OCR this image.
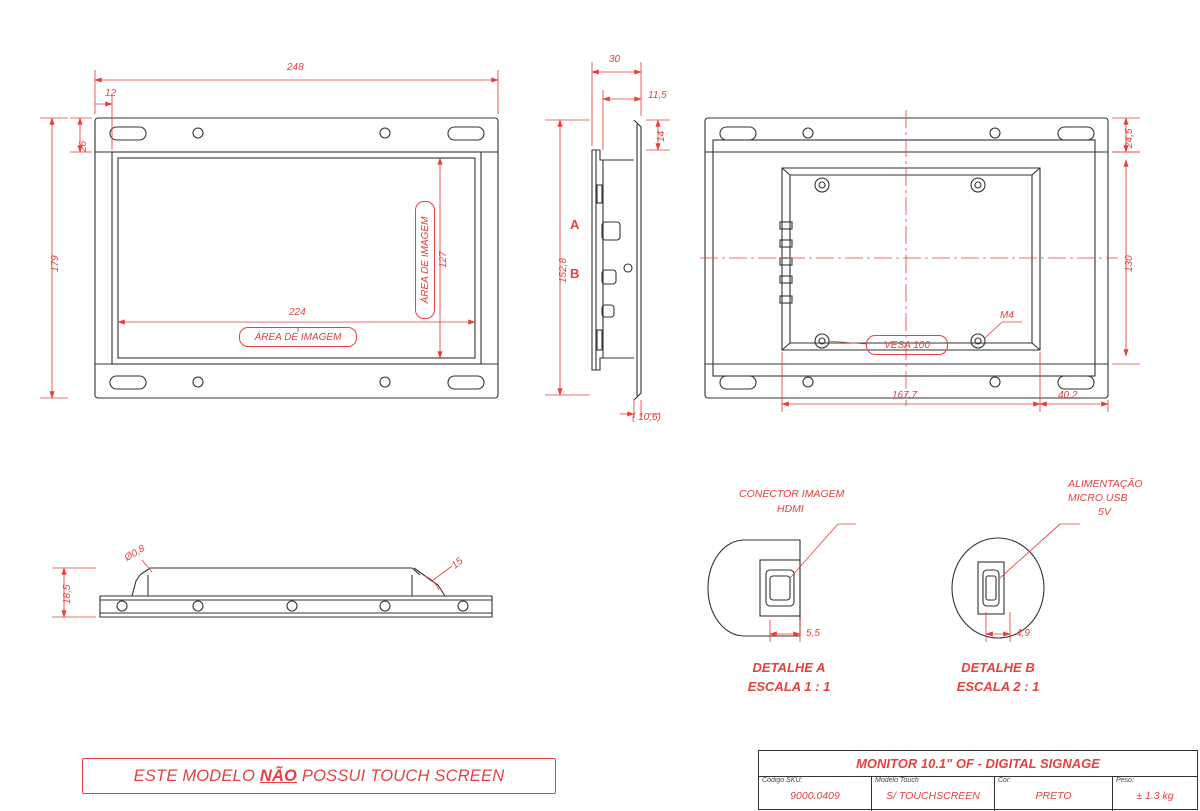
248
12
26
179
224
127
ÁREA DE IMAGEM
ÁREA DE IMAGEM
30
11,5
14
152,8
( 10,6)
A
B
24,5
130
167,7	40,2
M4
VESA 100
18,5
Ø0,8	15
CONECTOR IMAGEM
HDMI
5,5
DETALHE A
ESCALA 1 : 1
ALIMENTAÇÃO
MICRO USB
5V
4,9
DETALHE B
ESCALA 2 : 1
ESTE MODELO NÃO POSSUI TOUCH SCREEN
MONITOR 10.1" OF - DIGITAL SIGNAGE
Código SKU:
9000.0409
Modelo Touch
S/ TOUCHSCREEN
Cor:
PRETO
Peso:
± 1.3 kg
